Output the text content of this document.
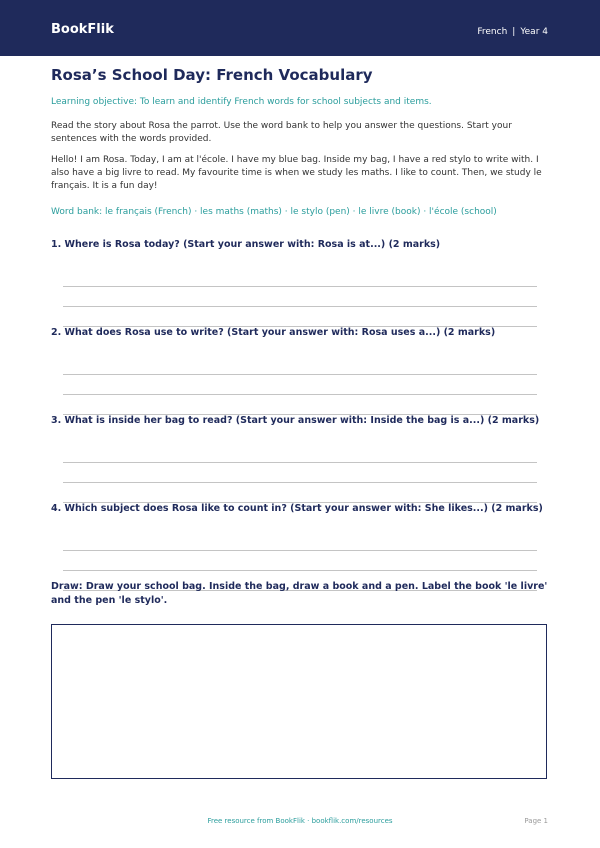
BookFlik	French | Year 4
Rosa’s School Day: French Vocabulary
Learning objective: To learn and identify French words for school subjects and items.
Read the story about Rosa the parrot. Use the word bank to help you answer the questions. Start your sentences with the words provided.
Hello! I am Rosa. Today, I am at l'école. I have my blue bag. Inside my bag, I have a red stylo to write with. I also have a big livre to read. My favourite time is when we study les maths. I like to count. Then, we study le français. It is a fun day!
Word bank: le français (French) · les maths (maths) · le stylo (pen) · le livre (book) · l'école (school)
1. Where is Rosa today? (Start your answer with: Rosa is at...) (2 marks)
2. What does Rosa use to write? (Start your answer with: Rosa uses a...) (2 marks)
3. What is inside her bag to read? (Start your answer with: Inside the bag is a...) (2 marks)
4. Which subject does Rosa like to count in? (Start your answer with: She likes...) (2 marks)
Draw: Draw your school bag. Inside the bag, draw a book and a pen. Label the book 'le livre' and the pen 'le stylo'.
Free resource from BookFlik · bookflik.com/resources	Page 1
